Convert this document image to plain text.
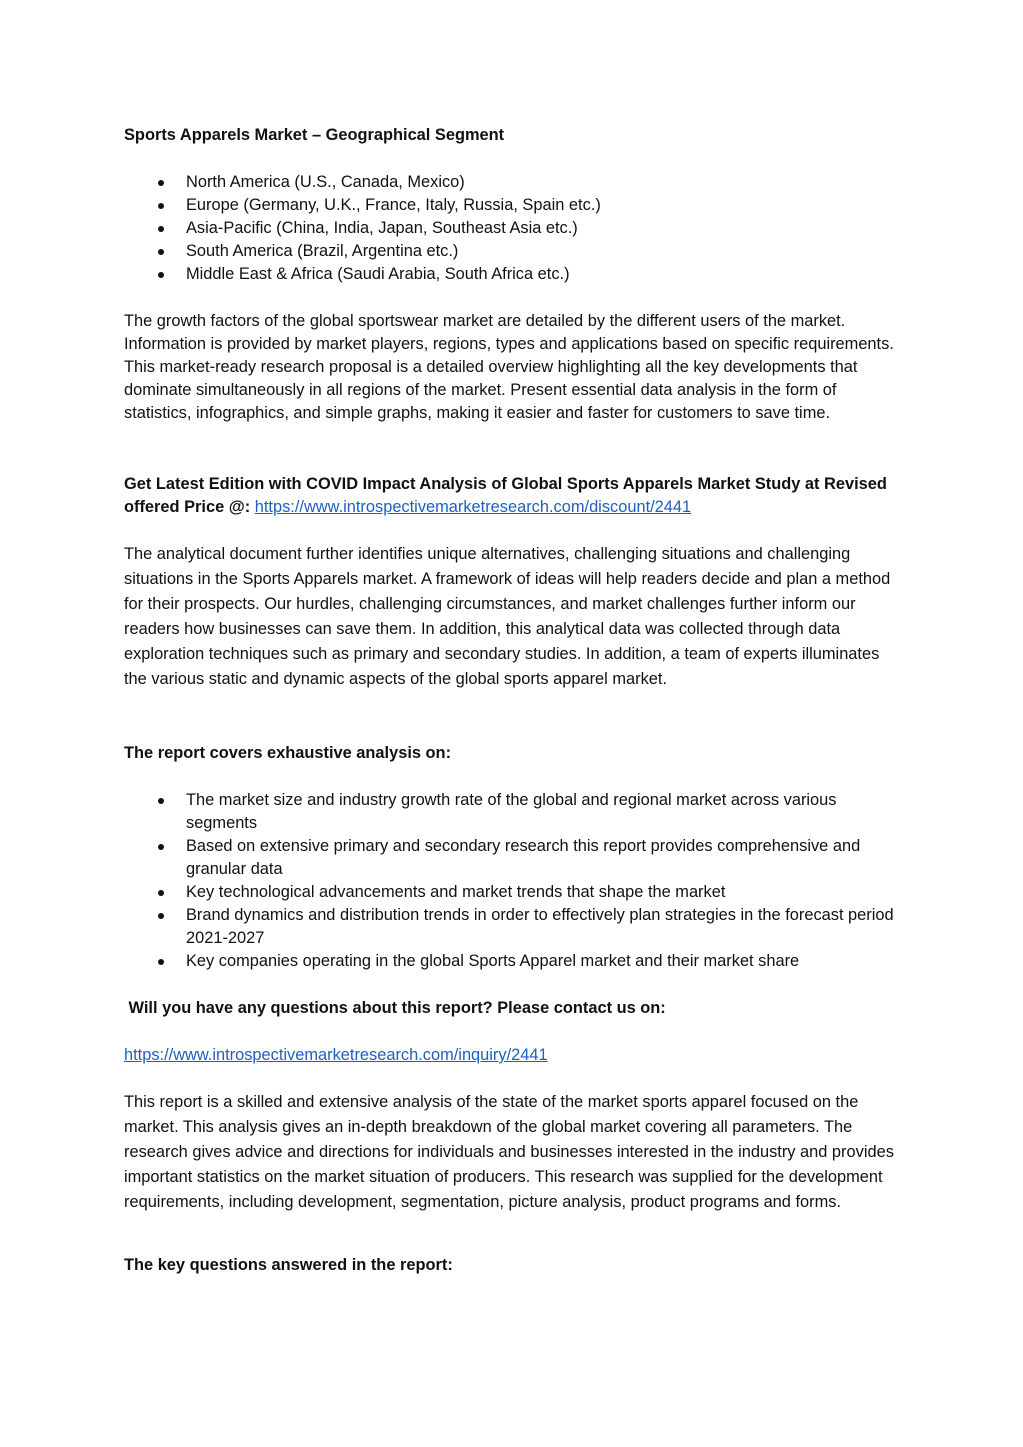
Sports Apparels Market – Geographical Segment
North America (U.S., Canada, Mexico)
Europe (Germany, U.K., France, Italy, Russia, Spain etc.)
Asia-Pacific (China, India, Japan, Southeast Asia etc.)
South America (Brazil, Argentina etc.)
Middle East & Africa (Saudi Arabia, South Africa etc.)
The growth factors of the global sportswear market are detailed by the different users of the market. Information is provided by market players, regions, types and applications based on specific requirements. This market-ready research proposal is a detailed overview highlighting all the key developments that dominate simultaneously in all regions of the market. Present essential data analysis in the form of statistics, infographics, and simple graphs, making it easier and faster for customers to save time.
Get Latest Edition with COVID Impact Analysis of Global Sports Apparels Market Study at Revised
offered Price @: https://www.introspectivemarketresearch.com/discount/2441
The analytical document further identifies unique alternatives, challenging situations and challenging situations in the Sports Apparels market. A framework of ideas will help readers decide and plan a method for their prospects. Our hurdles, challenging circumstances, and market challenges further inform our readers how businesses can save them. In addition, this analytical data was collected through data exploration techniques such as primary and secondary studies. In addition, a team of experts illuminates the various static and dynamic aspects of the global sports apparel market.
The report covers exhaustive analysis on:
The market size and industry growth rate of the global and regional market across various segments
Based on extensive primary and secondary research this report provides comprehensive and granular data
Key technological advancements and market trends that shape the market
Brand dynamics and distribution trends in order to effectively plan strategies in the forecast period 2021-2027
Key companies operating in the global Sports Apparel market and their market share
Will you have any questions about this report? Please contact us on:
https://www.introspectivemarketresearch.com/inquiry/2441
This report is a skilled and extensive analysis of the state of the market sports apparel focused on the market. This analysis gives an in-depth breakdown of the global market covering all parameters. The research gives advice and directions for individuals and businesses interested in the industry and provides important statistics on the market situation of producers. This research was supplied for the development requirements, including development, segmentation, picture analysis, product programs and forms.
The key questions answered in the report:
